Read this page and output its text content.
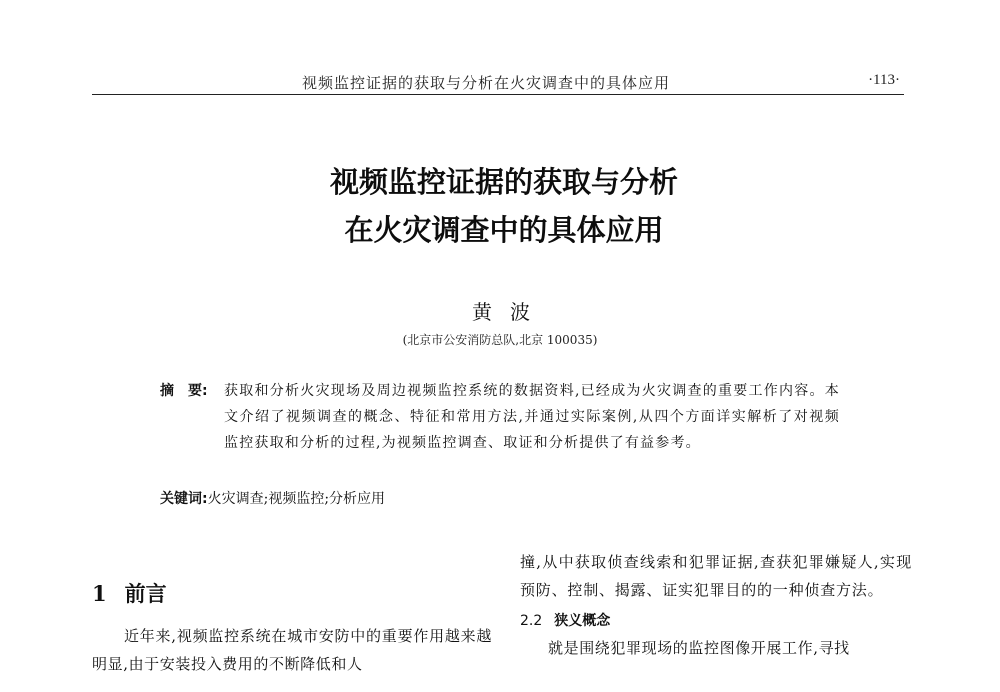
视频监控证据的获取与分析在火灾调查中的具体应用	·113·
视频监控证据的获取与分析
在火灾调查中的具体应用
黄波
(北京市公安消防总队,北京 100035)
摘　要:	获取和分析火灾现场及周边视频监控系统的数据资料,已经成为火灾调查的重要工作内容。本文介绍了视频调查的概念、特征和常用方法,并通过实际案例,从四个方面详实解析了对视频监控获取和分析的过程,为视频监控调查、取证和分析提供了有益参考。
关键词:火灾调查;视频监控;分析应用
1 前言
近年来,视频监控系统在城市安防中的重要作用越来越明显,由于安装投入费用的不断降低和人
撞,从中获取侦查线索和犯罪证据,查获犯罪嫌疑人,实现预防、控制、揭露、证实犯罪目的的一种侦查方法。
2.2 狭义概念
就是围绕犯罪现场的监控图像开展工作,寻找
